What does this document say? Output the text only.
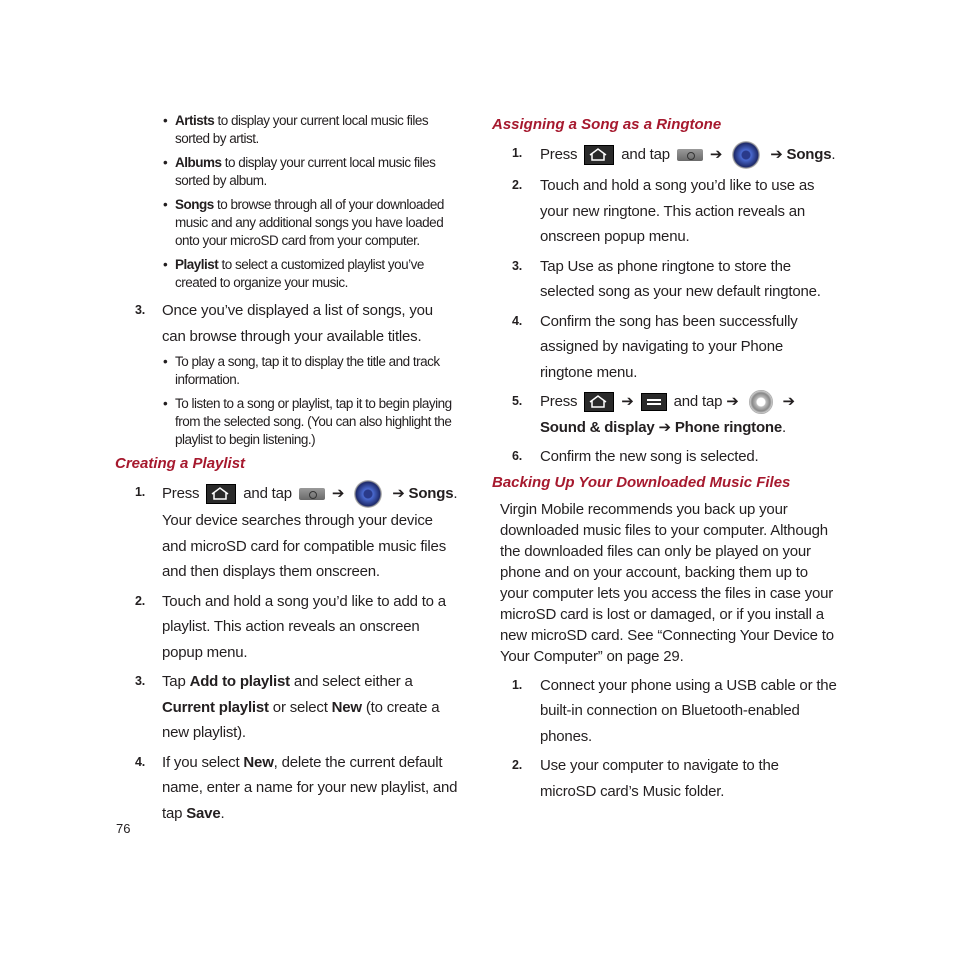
• Artists to display your current local music files sorted by artist.
• Albums to display your current local music files sorted by album.
• Songs to browse through all of your downloaded music and any additional songs you have loaded onto your microSD card from your computer.
• Playlist to select a customized playlist you’ve created to organize your music.
3. Once you’ve displayed a list of songs, you can browse through your available titles.
• To play a song, tap it to display the title and track information.
• To listen to a song or playlist, tap it to begin playing from the selected song. (You can also highlight the playlist to begin listening.)
Creating a Playlist
1. Press	and tap	➔	➔ Songs. Your device searches through your device and microSD card for compatible music files and then displays them onscreen.
2. Touch and hold a song you’d like to add to a playlist. This action reveals an onscreen popup menu.
3. Tap Add to playlist and select either a Current playlist or select New (to create a new playlist).
4. If you select New, delete the current default name, enter a name for your new playlist, and tap Save.
Assigning a Song as a Ringtone
1. Press	and tap	➔	➔ Songs.
2. Touch and hold a song you’d like to use as your new ringtone. This action reveals an onscreen popup menu.
3. Tap Use as phone ringtone to store the selected song as your new default ringtone.
4. Confirm the song has been successfully assigned by navigating to your Phone ringtone menu.
5. Press	➔	and tap ➔	➔ Sound & display ➔ Phone ringtone.
6. Confirm the new song is selected.
Backing Up Your Downloaded Music Files
Virgin Mobile recommends you back up your downloaded music files to your computer. Although the downloaded files can only be played on your phone and on your account, backing them up to your computer lets you access the files in case your microSD card is lost or damaged, or if you install a new microSD card. See “Connecting Your Device to Your Computer” on page 29.
1. Connect your phone using a USB cable or the built-in connection on Bluetooth-enabled phones.
2. Use your computer to navigate to the microSD card’s Music folder.
76
